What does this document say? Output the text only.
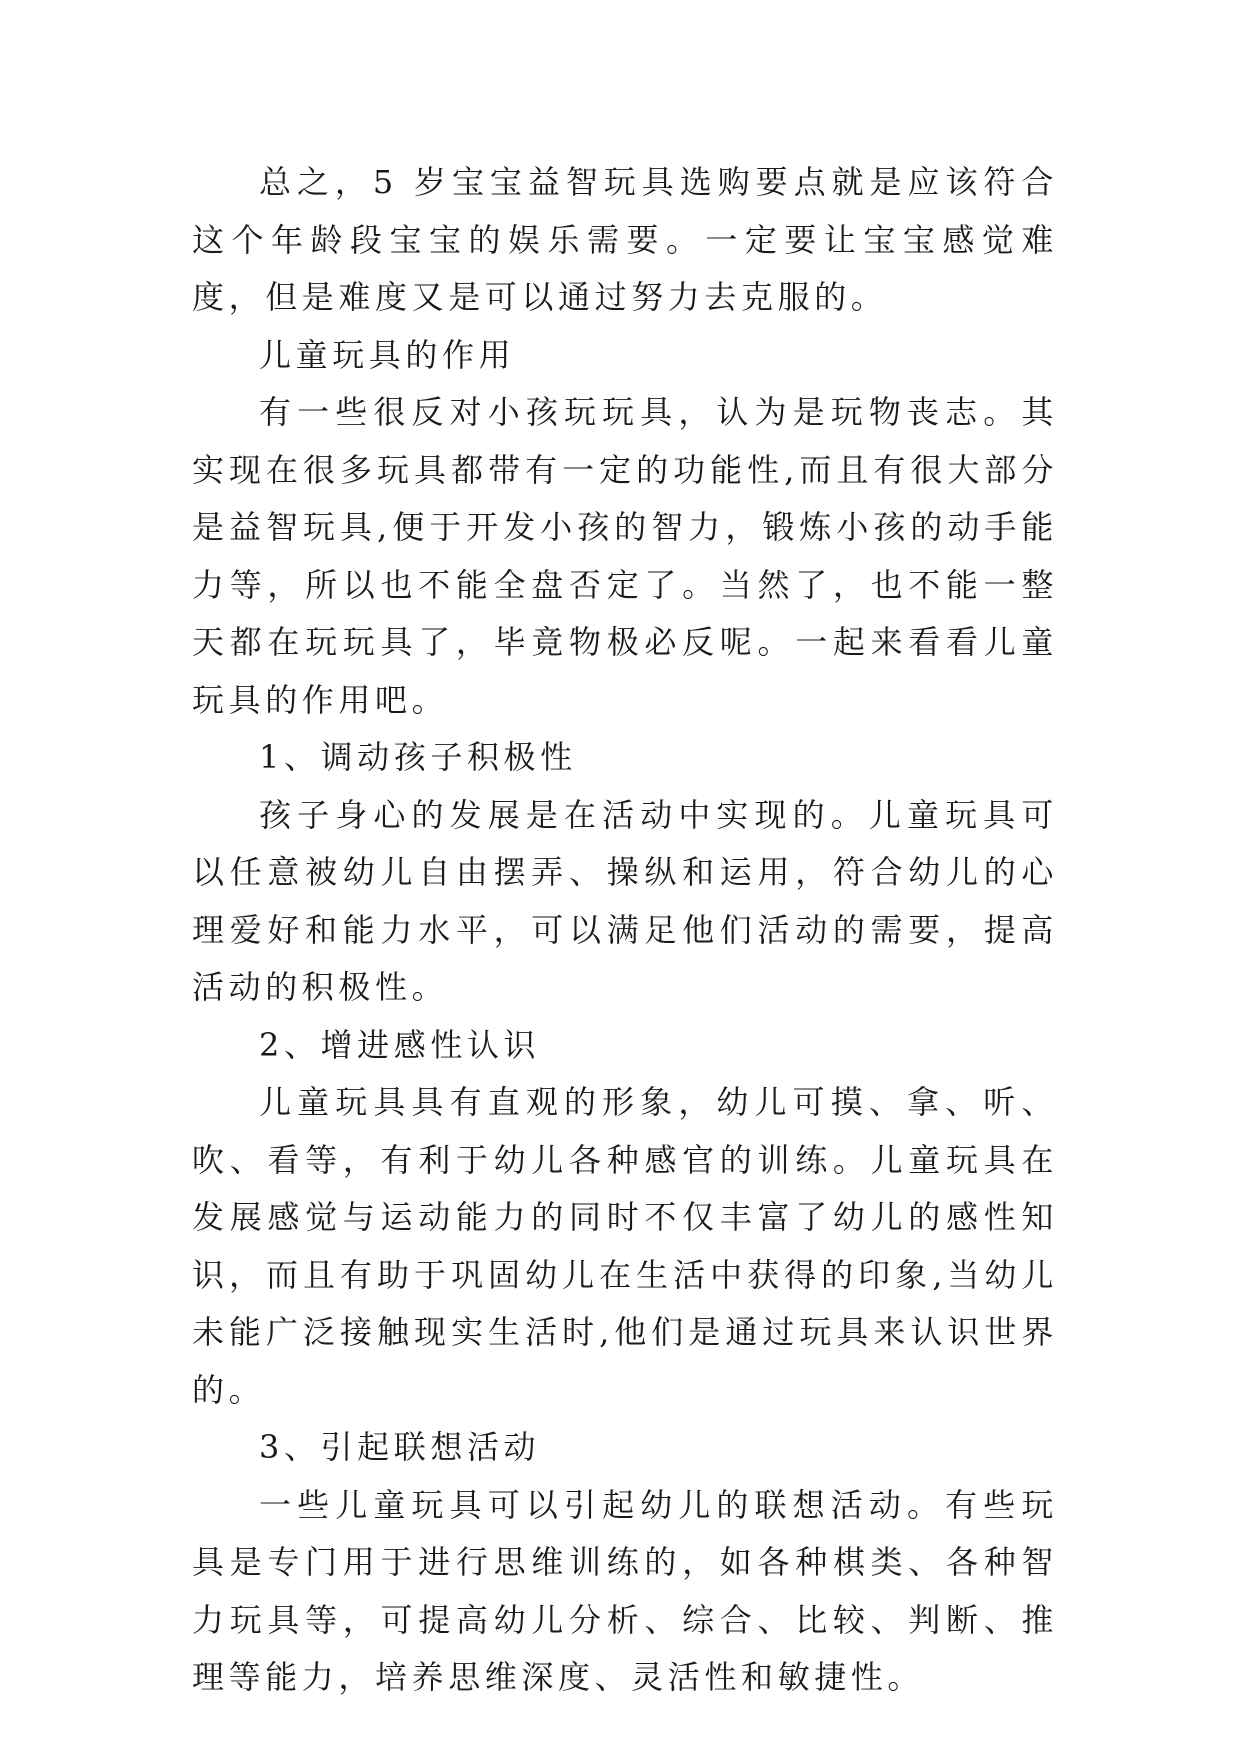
总之，5 岁宝宝益智玩具选购要点就是应该符合这个年龄段宝宝的娱乐需要。一定要让宝宝感觉难度，但是难度又是可以通过努力去克服的。

儿童玩具的作用

有一些很反对小孩玩玩具，认为是玩物丧志。其实现在很多玩具都带有一定的功能性,而且有很大部分是益智玩具,便于开发小孩的智力，锻炼小孩的动手能力等，所以也不能全盘否定了。当然了，也不能一整天都在玩玩具了，毕竟物极必反呢。一起来看看儿童玩具的作用吧。

1、调动孩子积极性

孩子身心的发展是在活动中实现的。儿童玩具可以任意被幼儿自由摆弄、操纵和运用，符合幼儿的心理爱好和能力水平，可以满足他们活动的需要，提高活动的积极性。

2、增进感性认识

儿童玩具具有直观的形象，幼儿可摸、拿、听、吹、看等，有利于幼儿各种感官的训练。儿童玩具在发展感觉与运动能力的同时不仅丰富了幼儿的感性知识，而且有助于巩固幼儿在生活中获得的印象,当幼儿未能广泛接触现实生活时,他们是通过玩具来认识世界的。

3、引起联想活动

一些儿童玩具可以引起幼儿的联想活动。有些玩具是专门用于进行思维训练的，如各种棋类、各种智力玩具等，可提高幼儿分析、综合、比较、判断、推理等能力，培养思维深度、灵活性和敏捷性。
